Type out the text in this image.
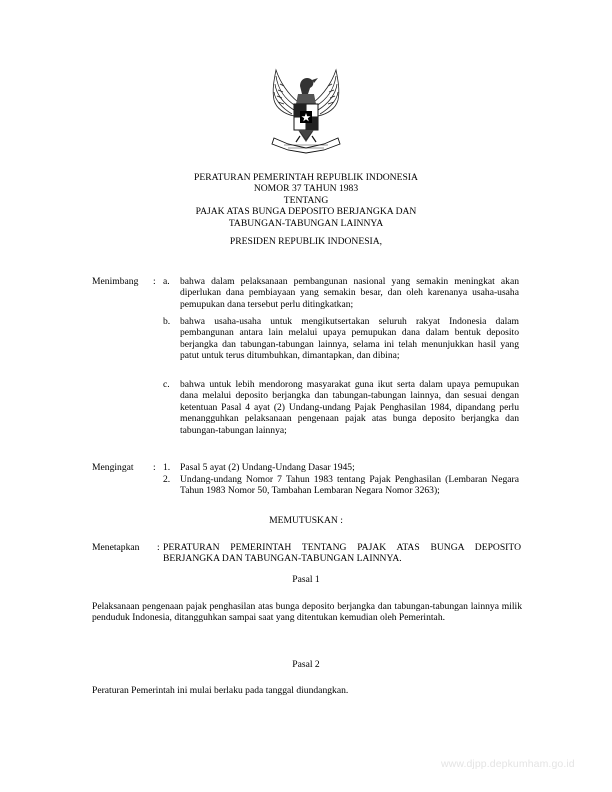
PERATURAN PEMERINTAH REPUBLIK INDONESIA
NOMOR 37 TAHUN 1983
TENTANG
PAJAK ATAS BUNGA DEPOSITO BERJANGKA DAN
TABUNGAN-TABUNGAN LAINNYA
PRESIDEN REPUBLIK INDONESIA,
Menimbang : a. bahwa dalam pelaksanaan pembangunan nasional yang semakin meningkat akan diperlukan dana pembiayaan yang semakin besar, dan oleh karenanya usaha-usaha pemupukan dana tersebut perlu ditingkatkan;
b. bahwa usaha-usaha untuk mengikutsertakan seluruh rakyat Indonesia dalam pembangunan antara lain melalui upaya pemupukan dana dalam bentuk deposito berjangka dan tabungan-tabungan lainnya, selama ini telah menunjukkan hasil yang patut untuk terus ditumbuhkan, dimantapkan, dan dibina;
c. bahwa untuk lebih mendorong masyarakat guna ikut serta dalam upaya pemupukan dana melalui deposito berjangka dan tabungan-tabungan lainnya, dan sesuai dengan ketentuan Pasal 4 ayat (2) Undang-undang Pajak Penghasilan 1984, dipandang perlu menangguhkan pelaksanaan pengenaan pajak atas bunga deposito berjangka dan tabungan-tabungan lainnya;
Mengingat : 1. Pasal 5 ayat (2) Undang-Undang Dasar 1945;
2. Undang-undang Nomor 7 Tahun 1983 tentang Pajak Penghasilan (Lembaran Negara Tahun 1983 Nomor 50, Tambahan Lembaran Negara Nomor 3263);
MEMUTUSKAN :
Menetapkan : PERATURAN PEMERINTAH TENTANG PAJAK ATAS BUNGA DEPOSITO BERJANGKA DAN TABUNGAN-TABUNGAN LAINNYA.
Pasal 1
Pelaksanaan pengenaan pajak penghasilan atas bunga deposito berjangka dan tabungan-tabungan lainnya milik penduduk Indonesia, ditangguhkan sampai saat yang ditentukan kemudian oleh Pemerintah.
Pasal 2
Peraturan Pemerintah ini mulai berlaku pada tanggal diundangkan.
www.djpp.depkumham.go.id
